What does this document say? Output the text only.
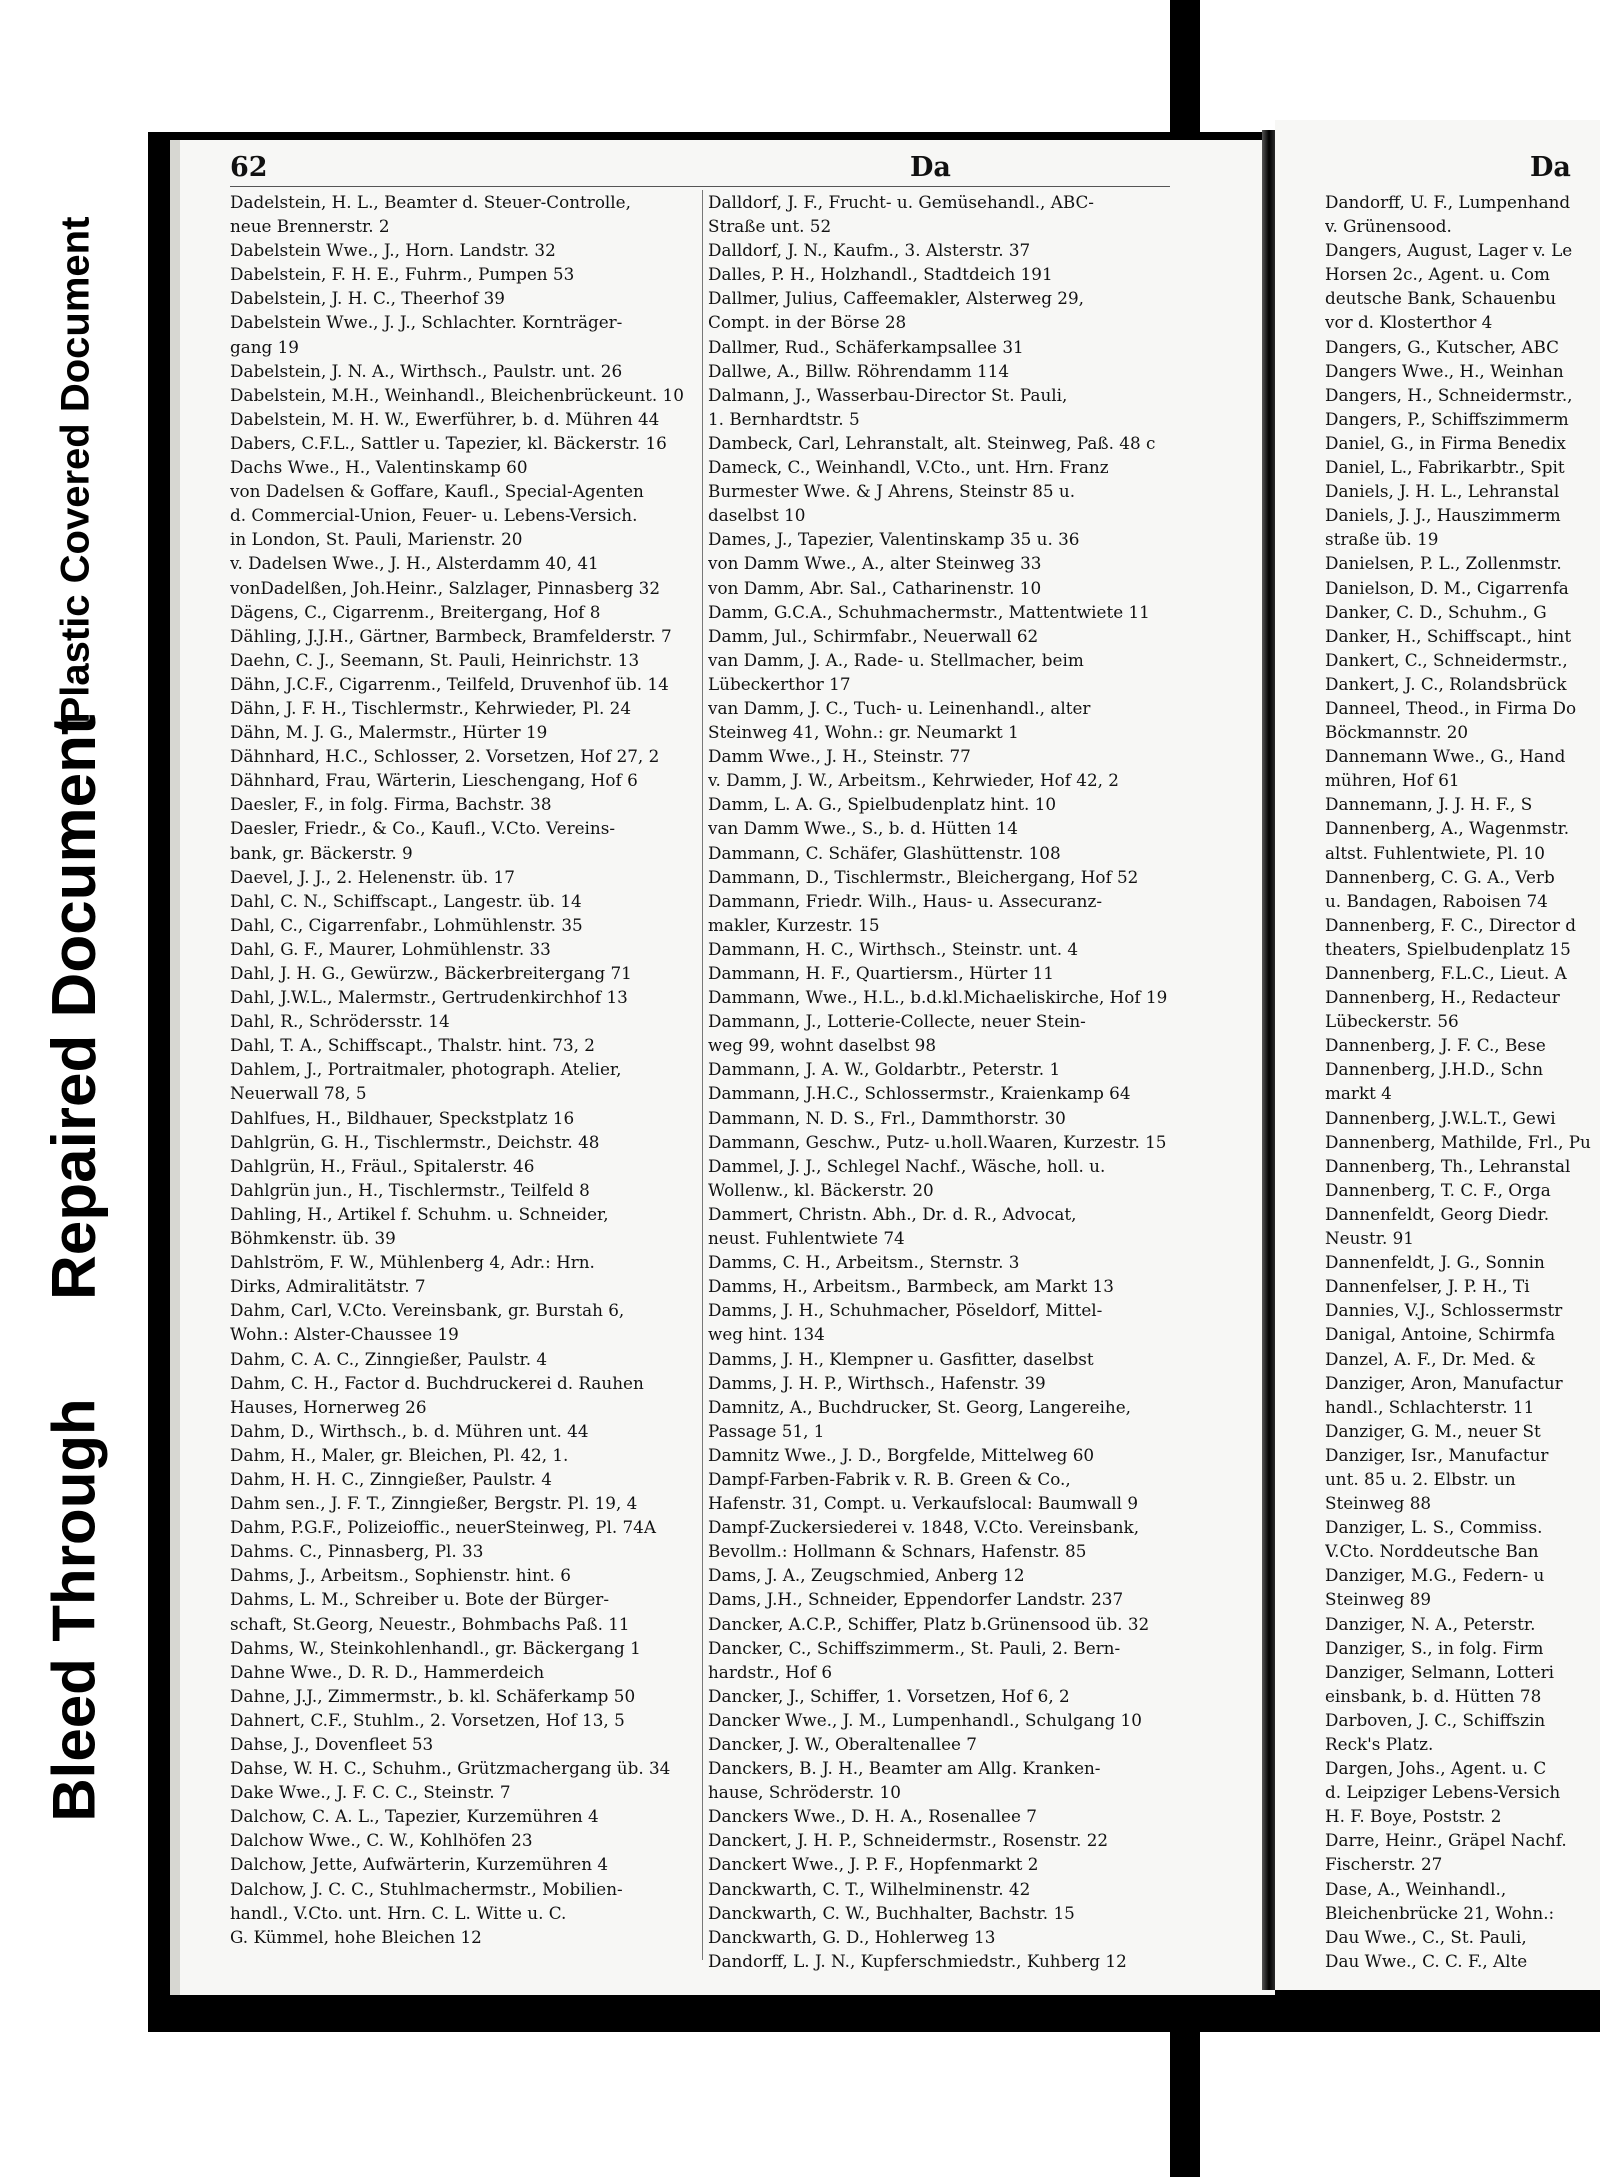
Plastic Covered Document
Repaired Document
Bleed Through
62	Da	Da
Dadelstein, H. L., Beamter d. Steuer-Controlle,
neue Brennerstr. 2
Dabelstein Wwe., J., Horn. Landstr. 32
Dabelstein, F. H. E., Fuhrm., Pumpen 53
Dabelstein, J. H. C., Theerhof 39
Dabelstein Wwe., J. J., Schlachter. Kornträger-
gang 19
Dabelstein, J. N. A., Wirthsch., Paulstr. unt. 26
Dabelstein, M.H., Weinhandl., Bleichenbrückeunt. 10
Dabelstein, M. H. W., Ewerführer, b. d. Mühren 44
Dabers, C.F.L., Sattler u. Tapezier, kl. Bäckerstr. 16
Dachs Wwe., H., Valentinskamp 60
von Dadelsen & Goffare, Kaufl., Special-Agenten
d. Commercial-Union, Feuer- u. Lebens-Versich.
in London, St. Pauli, Marienstr. 20
v. Dadelsen Wwe., J. H., Alsterdamm 40, 41
vonDadelßen, Joh.Heinr., Salzlager, Pinnasberg 32
Dägens, C., Cigarrenm., Breitergang, Hof 8
Dähling, J.J.H., Gärtner, Barmbeck, Bramfelderstr. 7
Daehn, C. J., Seemann, St. Pauli, Heinrichstr. 13
Dähn, J.C.F., Cigarrenm., Teilfeld, Druvenhof üb. 14
Dähn, J. F. H., Tischlermstr., Kehrwieder, Pl. 24
Dähn, M. J. G., Malermstr., Hürter 19
Dähnhard, H.C., Schlosser, 2. Vorsetzen, Hof 27, 2
Dähnhard, Frau, Wärterin, Lieschengang, Hof 6
Daesler, F., in folg. Firma, Bachstr. 38
Daesler, Friedr., & Co., Kaufl., V.Cto. Vereins-
bank, gr. Bäckerstr. 9
Daevel, J. J., 2. Helenenstr. üb. 17
Dahl, C. N., Schiffscapt., Langestr. üb. 14
Dahl, C., Cigarrenfabr., Lohmühlenstr. 35
Dahl, G. F., Maurer, Lohmühlenstr. 33
Dahl, J. H. G., Gewürzw., Bäckerbreitergang 71
Dahl, J.W.L., Malermstr., Gertrudenkirchhof 13
Dahl, R., Schrödersstr. 14
Dahl, T. A., Schiffscapt., Thalstr. hint. 73, 2
Dahlem, J., Portraitmaler, photograph. Atelier,
Neuerwall 78, 5
Dahlfues, H., Bildhauer, Speckstplatz 16
Dahlgrün, G. H., Tischlermstr., Deichstr. 48
Dahlgrün, H., Fräul., Spitalerstr. 46
Dahlgrün jun., H., Tischlermstr., Teilfeld 8
Dahling, H., Artikel f. Schuhm. u. Schneider,
Böhmkenstr. üb. 39
Dahlström, F. W., Mühlenberg 4, Adr.: Hrn.
Dirks, Admiralitätstr. 7
Dahm, Carl, V.Cto. Vereinsbank, gr. Burstah 6,
Wohn.: Alster-Chaussee 19
Dahm, C. A. C., Zinngießer, Paulstr. 4
Dahm, C. H., Factor d. Buchdruckerei d. Rauhen
Hauses, Hornerweg 26
Dahm, D., Wirthsch., b. d. Mühren unt. 44
Dahm, H., Maler, gr. Bleichen, Pl. 42, 1.
Dahm, H. H. C., Zinngießer, Paulstr. 4
Dahm sen., J. F. T., Zinngießer, Bergstr. Pl. 19, 4
Dahm, P.G.F., Polizeioffic., neuerSteinweg, Pl. 74A
Dahms. C., Pinnasberg, Pl. 33
Dahms, J., Arbeitsm., Sophienstr. hint. 6
Dahms, L. M., Schreiber u. Bote der Bürger-
schaft, St.Georg, Neuestr., Bohmbachs Paß. 11
Dahms, W., Steinkohlenhandl., gr. Bäckergang 1
Dahne Wwe., D. R. D., Hammerdeich
Dahne, J.J., Zimmermstr., b. kl. Schäferkamp 50
Dahnert, C.F., Stuhlm., 2. Vorsetzen, Hof 13, 5
Dahse, J., Dovenfleet 53
Dahse, W. H. C., Schuhm., Grützmachergang üb. 34
Dake Wwe., J. F. C. C., Steinstr. 7
Dalchow, C. A. L., Tapezier, Kurzemühren 4
Dalchow Wwe., C. W., Kohlhöfen 23
Dalchow, Jette, Aufwärterin, Kurzemühren 4
Dalchow, J. C. C., Stuhlmachermstr., Mobilien-
handl., V.Cto. unt. Hrn. C. L. Witte u. C.
G. Kümmel, hohe Bleichen 12
Dalldorf, J. F., Frucht- u. Gemüsehandl., ABC-
Straße unt. 52
Dalldorf, J. N., Kaufm., 3. Alsterstr. 37
Dalles, P. H., Holzhandl., Stadtdeich 191
Dallmer, Julius, Caffeemakler, Alsterweg 29,
Compt. in der Börse 28
Dallmer, Rud., Schäferkampsallee 31
Dallwe, A., Billw. Röhrendamm 114
Dalmann, J., Wasserbau-Director St. Pauli,
1. Bernhardtstr. 5
Dambeck, Carl, Lehranstalt, alt. Steinweg, Paß. 48 c
Dameck, C., Weinhandl, V.Cto., unt. Hrn. Franz
Burmester Wwe. & J Ahrens, Steinstr 85 u.
daselbst 10
Dames, J., Tapezier, Valentinskamp 35 u. 36
von Damm Wwe., A., alter Steinweg 33
von Damm, Abr. Sal., Catharinenstr. 10
Damm, G.C.A., Schuhmachermstr., Mattentwiete 11
Damm, Jul., Schirmfabr., Neuerwall 62
van Damm, J. A., Rade- u. Stellmacher, beim
Lübeckerthor 17
van Damm, J. C., Tuch- u. Leinenhandl., alter
Steinweg 41, Wohn.: gr. Neumarkt 1
Damm Wwe., J. H., Steinstr. 77
v. Damm, J. W., Arbeitsm., Kehrwieder, Hof 42, 2
Damm, L. A. G., Spielbudenplatz hint. 10
van Damm Wwe., S., b. d. Hütten 14
Dammann, C. Schäfer, Glashüttenstr. 108
Dammann, D., Tischlermstr., Bleichergang, Hof 52
Dammann, Friedr. Wilh., Haus- u. Assecuranz-
makler, Kurzestr. 15
Dammann, H. C., Wirthsch., Steinstr. unt. 4
Dammann, H. F., Quartiersm., Hürter 11
Dammann, Wwe., H.L., b.d.kl.Michaeliskirche, Hof 19
Dammann, J., Lotterie-Collecte, neuer Stein-
weg 99, wohnt daselbst 98
Dammann, J. A. W., Goldarbtr., Peterstr. 1
Dammann, J.H.C., Schlossermstr., Kraienkamp 64
Dammann, N. D. S., Frl., Dammthorstr. 30
Dammann, Geschw., Putz- u.holl.Waaren, Kurzestr. 15
Dammel, J. J., Schlegel Nachf., Wäsche, holl. u.
Wollenw., kl. Bäckerstr. 20
Dammert, Christn. Abh., Dr. d. R., Advocat,
neust. Fuhlentwiete 74
Damms, C. H., Arbeitsm., Sternstr. 3
Damms, H., Arbeitsm., Barmbeck, am Markt 13
Damms, J. H., Schuhmacher, Pöseldorf, Mittel-
weg hint. 134
Damms, J. H., Klempner u. Gasfitter, daselbst
Damms, J. H. P., Wirthsch., Hafenstr. 39
Damnitz, A., Buchdrucker, St. Georg, Langereihe,
Passage 51, 1
Damnitz Wwe., J. D., Borgfelde, Mittelweg 60
Dampf-Farben-Fabrik v. R. B. Green & Co.,
Hafenstr. 31, Compt. u. Verkaufslocal: Baumwall 9
Dampf-Zuckersiederei v. 1848, V.Cto. Vereinsbank,
Bevollm.: Hollmann & Schnars, Hafenstr. 85
Dams, J. A., Zeugschmied, Anberg 12
Dams, J.H., Schneider, Eppendorfer Landstr. 237
Dancker, A.C.P., Schiffer, Platz b.Grünensood üb. 32
Dancker, C., Schiffszimmerm., St. Pauli, 2. Bern-
hardstr., Hof 6
Dancker, J., Schiffer, 1. Vorsetzen, Hof 6, 2
Dancker Wwe., J. M., Lumpenhandl., Schulgang 10
Dancker, J. W., Oberaltenallee 7
Danckers, B. J. H., Beamter am Allg. Kranken-
hause, Schröderstr. 10
Danckers Wwe., D. H. A., Rosenallee 7
Danckert, J. H. P., Schneidermstr., Rosenstr. 22
Danckert Wwe., J. P. F., Hopfenmarkt 2
Danckwarth, C. T., Wilhelminenstr. 42
Danckwarth, C. W., Buchhalter, Bachstr. 15
Danckwarth, G. D., Hohlerweg 13
Dandorff, L. J. N., Kupferschmiedstr., Kuhberg 12
Dandorff, U. F., Lumpenhand
v. Grünensood.
Dangers, August, Lager v. Le
Horsen 2c., Agent. u. Com
deutsche Bank, Schauenbu
vor d. Klosterthor 4
Dangers, G., Kutscher, ABC
Dangers Wwe., H., Weinhan
Dangers, H., Schneidermstr.,
Dangers, P., Schiffszimmerm
Daniel, G., in Firma Benedix
Daniel, L., Fabrikarbtr., Spit
Daniels, J. H. L., Lehranstal
Daniels, J. J., Hauszimmerm
straße üb. 19
Danielsen, P. L., Zollenmstr.
Danielson, D. M., Cigarrenfa
Danker, C. D., Schuhm., G
Danker, H., Schiffscapt., hint
Dankert, C., Schneidermstr.,
Dankert, J. C., Rolandsbrück
Danneel, Theod., in Firma Do
Böckmannstr. 20
Dannemann Wwe., G., Hand
mühren, Hof 61
Dannemann, J. J. H. F., S
Dannenberg, A., Wagenmstr.
altst. Fuhlentwiete, Pl. 10
Dannenberg, C. G. A., Verb
u. Bandagen, Raboisen 74
Dannenberg, F. C., Director d
theaters, Spielbudenplatz 15
Dannenberg, F.L.C., Lieut. A
Dannenberg, H., Redacteur
Lübeckerstr. 56
Dannenberg, J. F. C., Bese
Dannenberg, J.H.D., Schn
markt 4
Dannenberg, J.W.L.T., Gewi
Dannenberg, Mathilde, Frl., Pu
Dannenberg, Th., Lehranstal
Dannenberg, T. C. F., Orga
Dannenfeldt, Georg Diedr.
Neustr. 91
Dannenfeldt, J. G., Sonnin
Dannenfelser, J. P. H., Ti
Dannies, V.J., Schlossermstr
Danigal, Antoine, Schirmfa
Danzel, A. F., Dr. Med. &
Danziger, Aron, Manufactur
handl., Schlachterstr. 11
Danziger, G. M., neuer St
Danziger, Isr., Manufactur
unt. 85 u. 2. Elbstr. un
Steinweg 88
Danziger, L. S., Commiss.
V.Cto. Norddeutsche Ban
Danziger, M.G., Federn- u
Steinweg 89
Danziger, N. A., Peterstr.
Danziger, S., in folg. Firm
Danziger, Selmann, Lotteri
einsbank, b. d. Hütten 78
Darboven, J. C., Schiffszin
Reck's Platz.
Dargen, Johs., Agent. u. C
d. Leipziger Lebens-Versich
H. F. Boye, Poststr. 2
Darre, Heinr., Gräpel Nachf.
Fischerstr. 27
Dase, A., Weinhandl.,
Bleichenbrücke 21, Wohn.:
Dau Wwe., C., St. Pauli,
Dau Wwe., C. C. F., Alte
